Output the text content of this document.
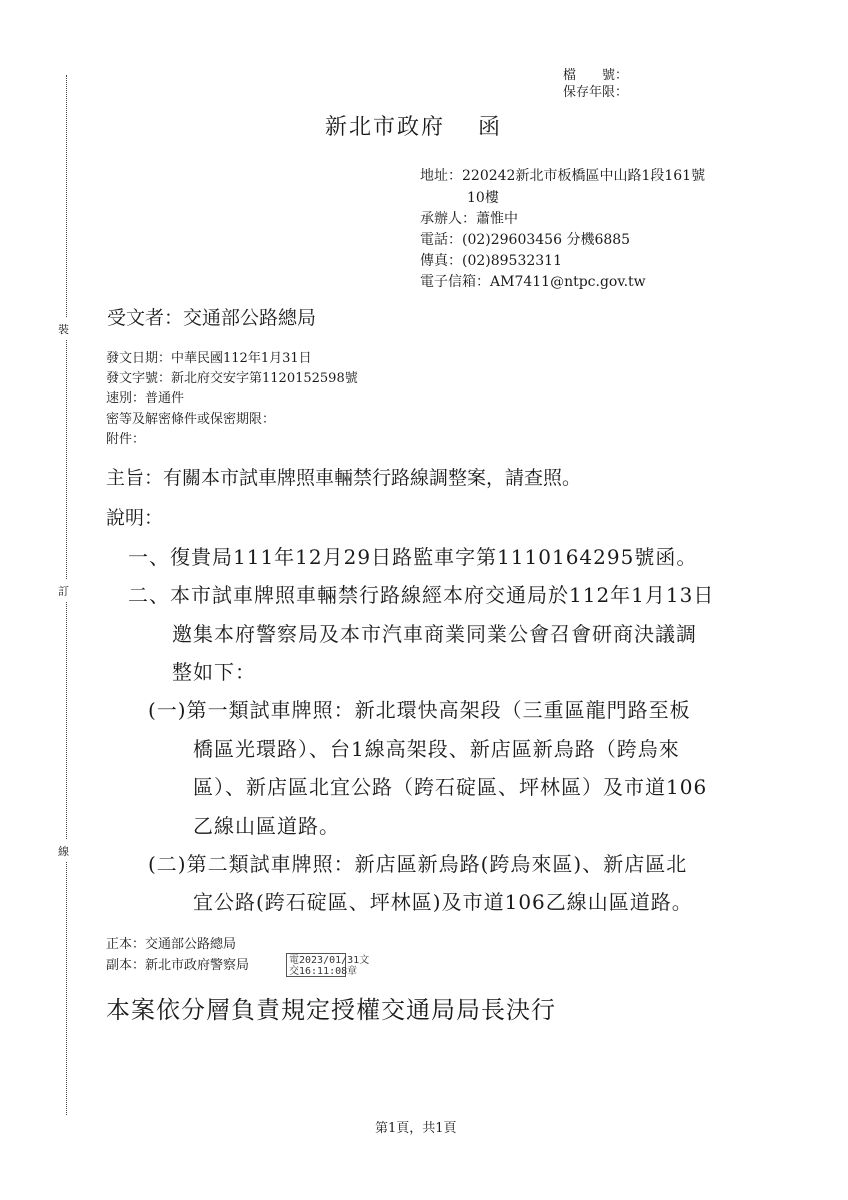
裝
訂
線
檔　　號：
保存年限：
新北市政府　 函
地址：220242新北市板橋區中山路1段161號
10樓
承辦人：蕭惟中
電話：(02)29603456 分機6885
傳真：(02)89532311
電子信箱：AM7411@ntpc.gov.tw
受文者：交通部公路總局
發文日期：中華民國112年1月31日
發文字號：新北府交安字第1120152598號
速別：普通件
密等及解密條件或保密期限：
附件：
主旨：有關本市試車牌照車輛禁行路線調整案，請查照。
說明：
一、復貴局111年12月29日路監車字第1110164295號函。
二、本市試車牌照車輛禁行路線經本府交通局於112年1月13日
邀集本府警察局及本市汽車商業同業公會召會研商決議調
整如下：
(一)第一類試車牌照：新北環快高架段（三重區龍門路至板
橋區光環路）、台1線高架段、新店區新烏路（跨烏來
區）、新店區北宜公路（跨石碇區、坪林區）及市道106
乙線山區道路。
(二)第二類試車牌照：新店區新烏路(跨烏來區)、新店區北
宜公路(跨石碇區、坪林區)及市道106乙線山區道路。
正本：交通部公路總局
副本：新北市政府警察局	電2023/01/31文
交16:11:08章
本案依分層負責規定授權交通局局長決行
第1頁，共1頁
